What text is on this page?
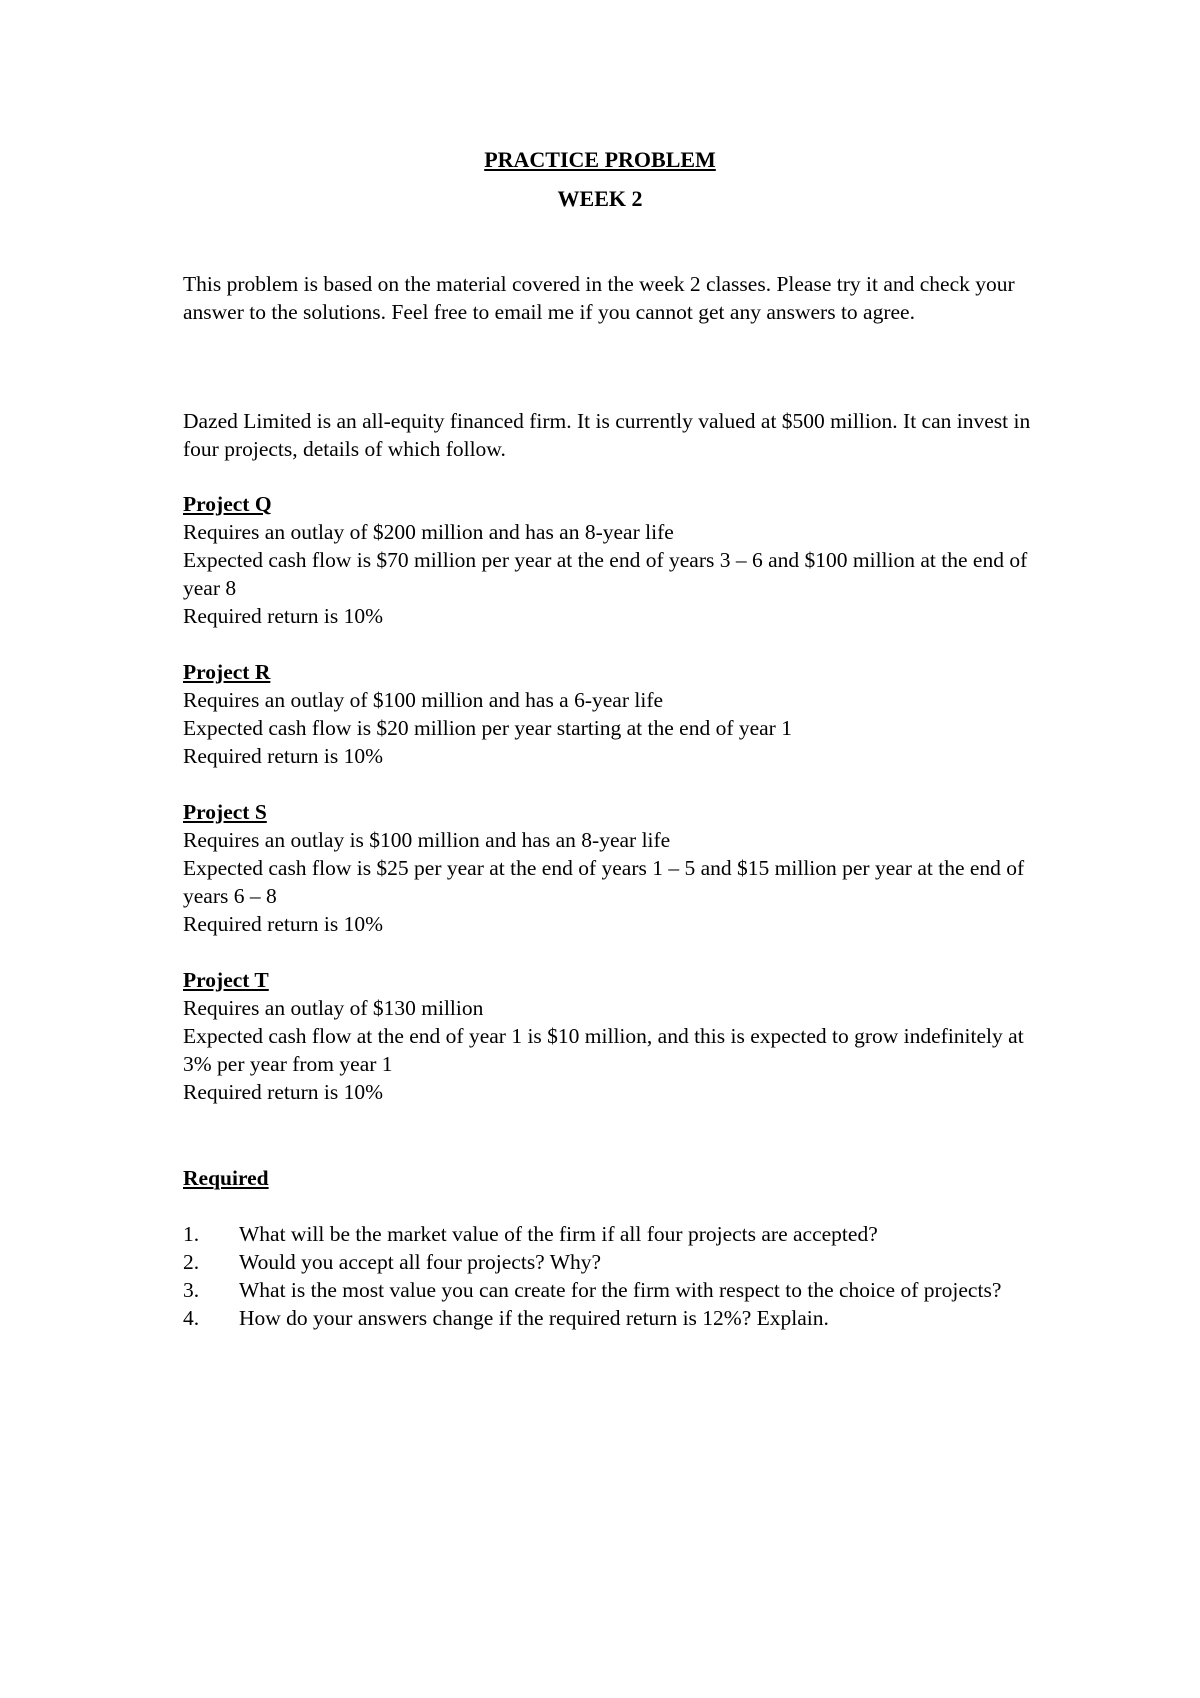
PRACTICE PROBLEM
WEEK 2
This problem is based on the material covered in the week 2 classes. Please try it and check your answer to the solutions. Feel free to email me if you cannot get any answers to agree.
Dazed Limited is an all-equity financed firm. It is currently valued at $500 million. It can invest in four projects, details of which follow.
Project Q
Requires an outlay of $200 million and has an 8-year life
Expected cash flow is $70 million per year at the end of years 3 – 6 and $100 million at the end of year 8
Required return is 10%
Project R
Requires an outlay of $100 million and has a 6-year life
Expected cash flow is $20 million per year starting at the end of year 1
Required return is 10%
Project S
Requires an outlay is $100 million and has an 8-year life
Expected cash flow is $25 per year at the end of years 1 – 5 and $15 million per year at the end of years 6 – 8
Required return is 10%
Project T
Requires an outlay of $130 million
Expected cash flow at the end of year 1 is $10 million, and this is expected to grow indefinitely at 3% per year from year 1
Required return is 10%
Required
1.	What will be the market value of the firm if all four projects are accepted?
2.	Would you accept all four projects? Why?
3.	What is the most value you can create for the firm with respect to the choice of projects?
4.	How do your answers change if the required return is 12%? Explain.
